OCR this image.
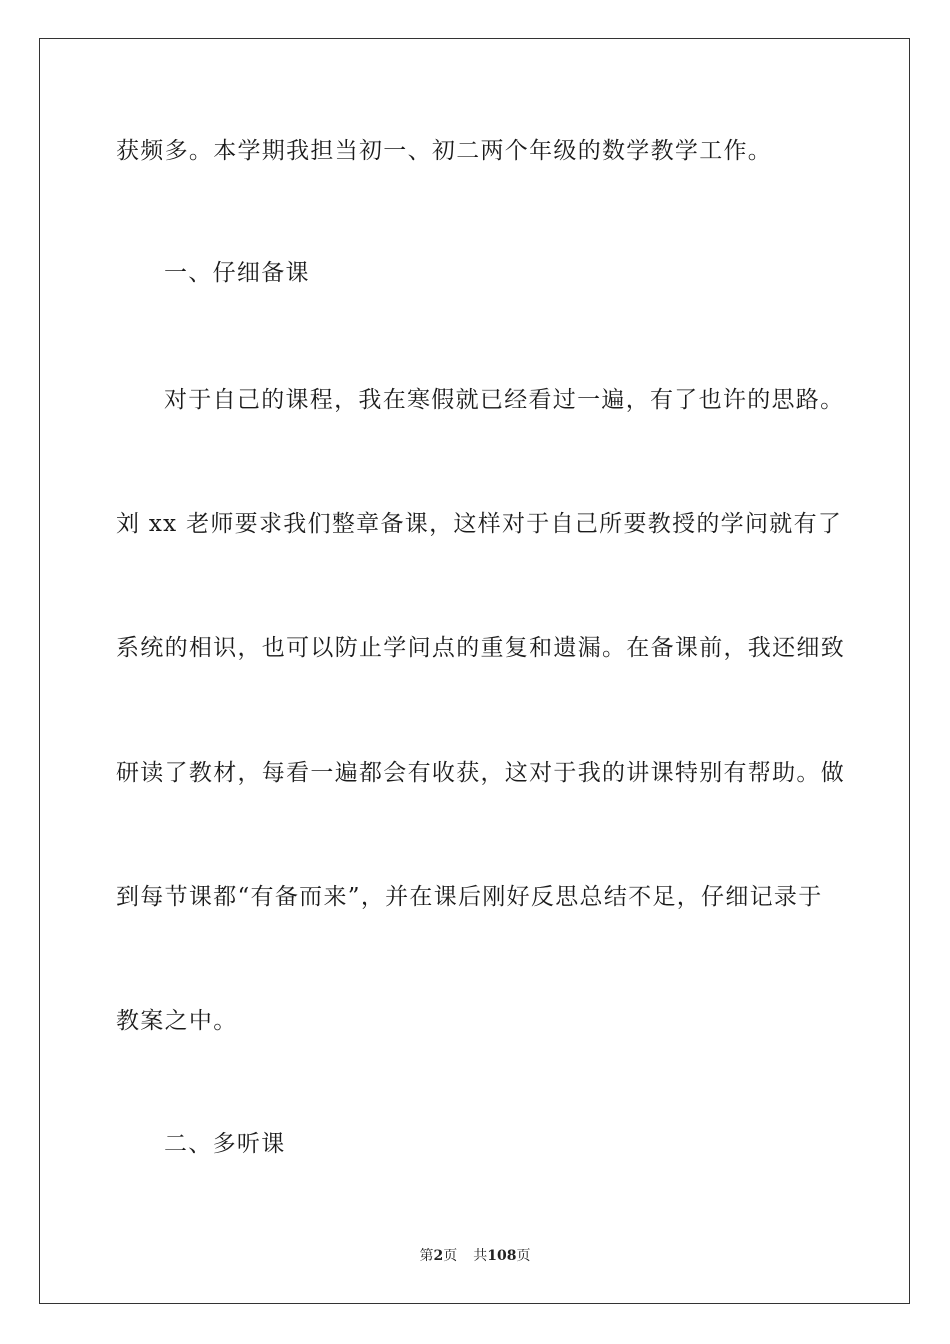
获频多。本学期我担当初一、初二两个年级的数学教学工作。
一、仔细备课
对于自己的课程，我在寒假就已经看过一遍，有了也许的思路。
刘 xx 老师要求我们整章备课，这样对于自己所要教授的学问就有了
系统的相识，也可以防止学问点的重复和遗漏。在备课前，我还细致
研读了教材，每看一遍都会有收获，这对于我的讲课特别有帮助。做
到每节课都“有备而来”，并在课后刚好反思总结不足，仔细记录于
教案之中。
二、多听课
第2页 共108页
